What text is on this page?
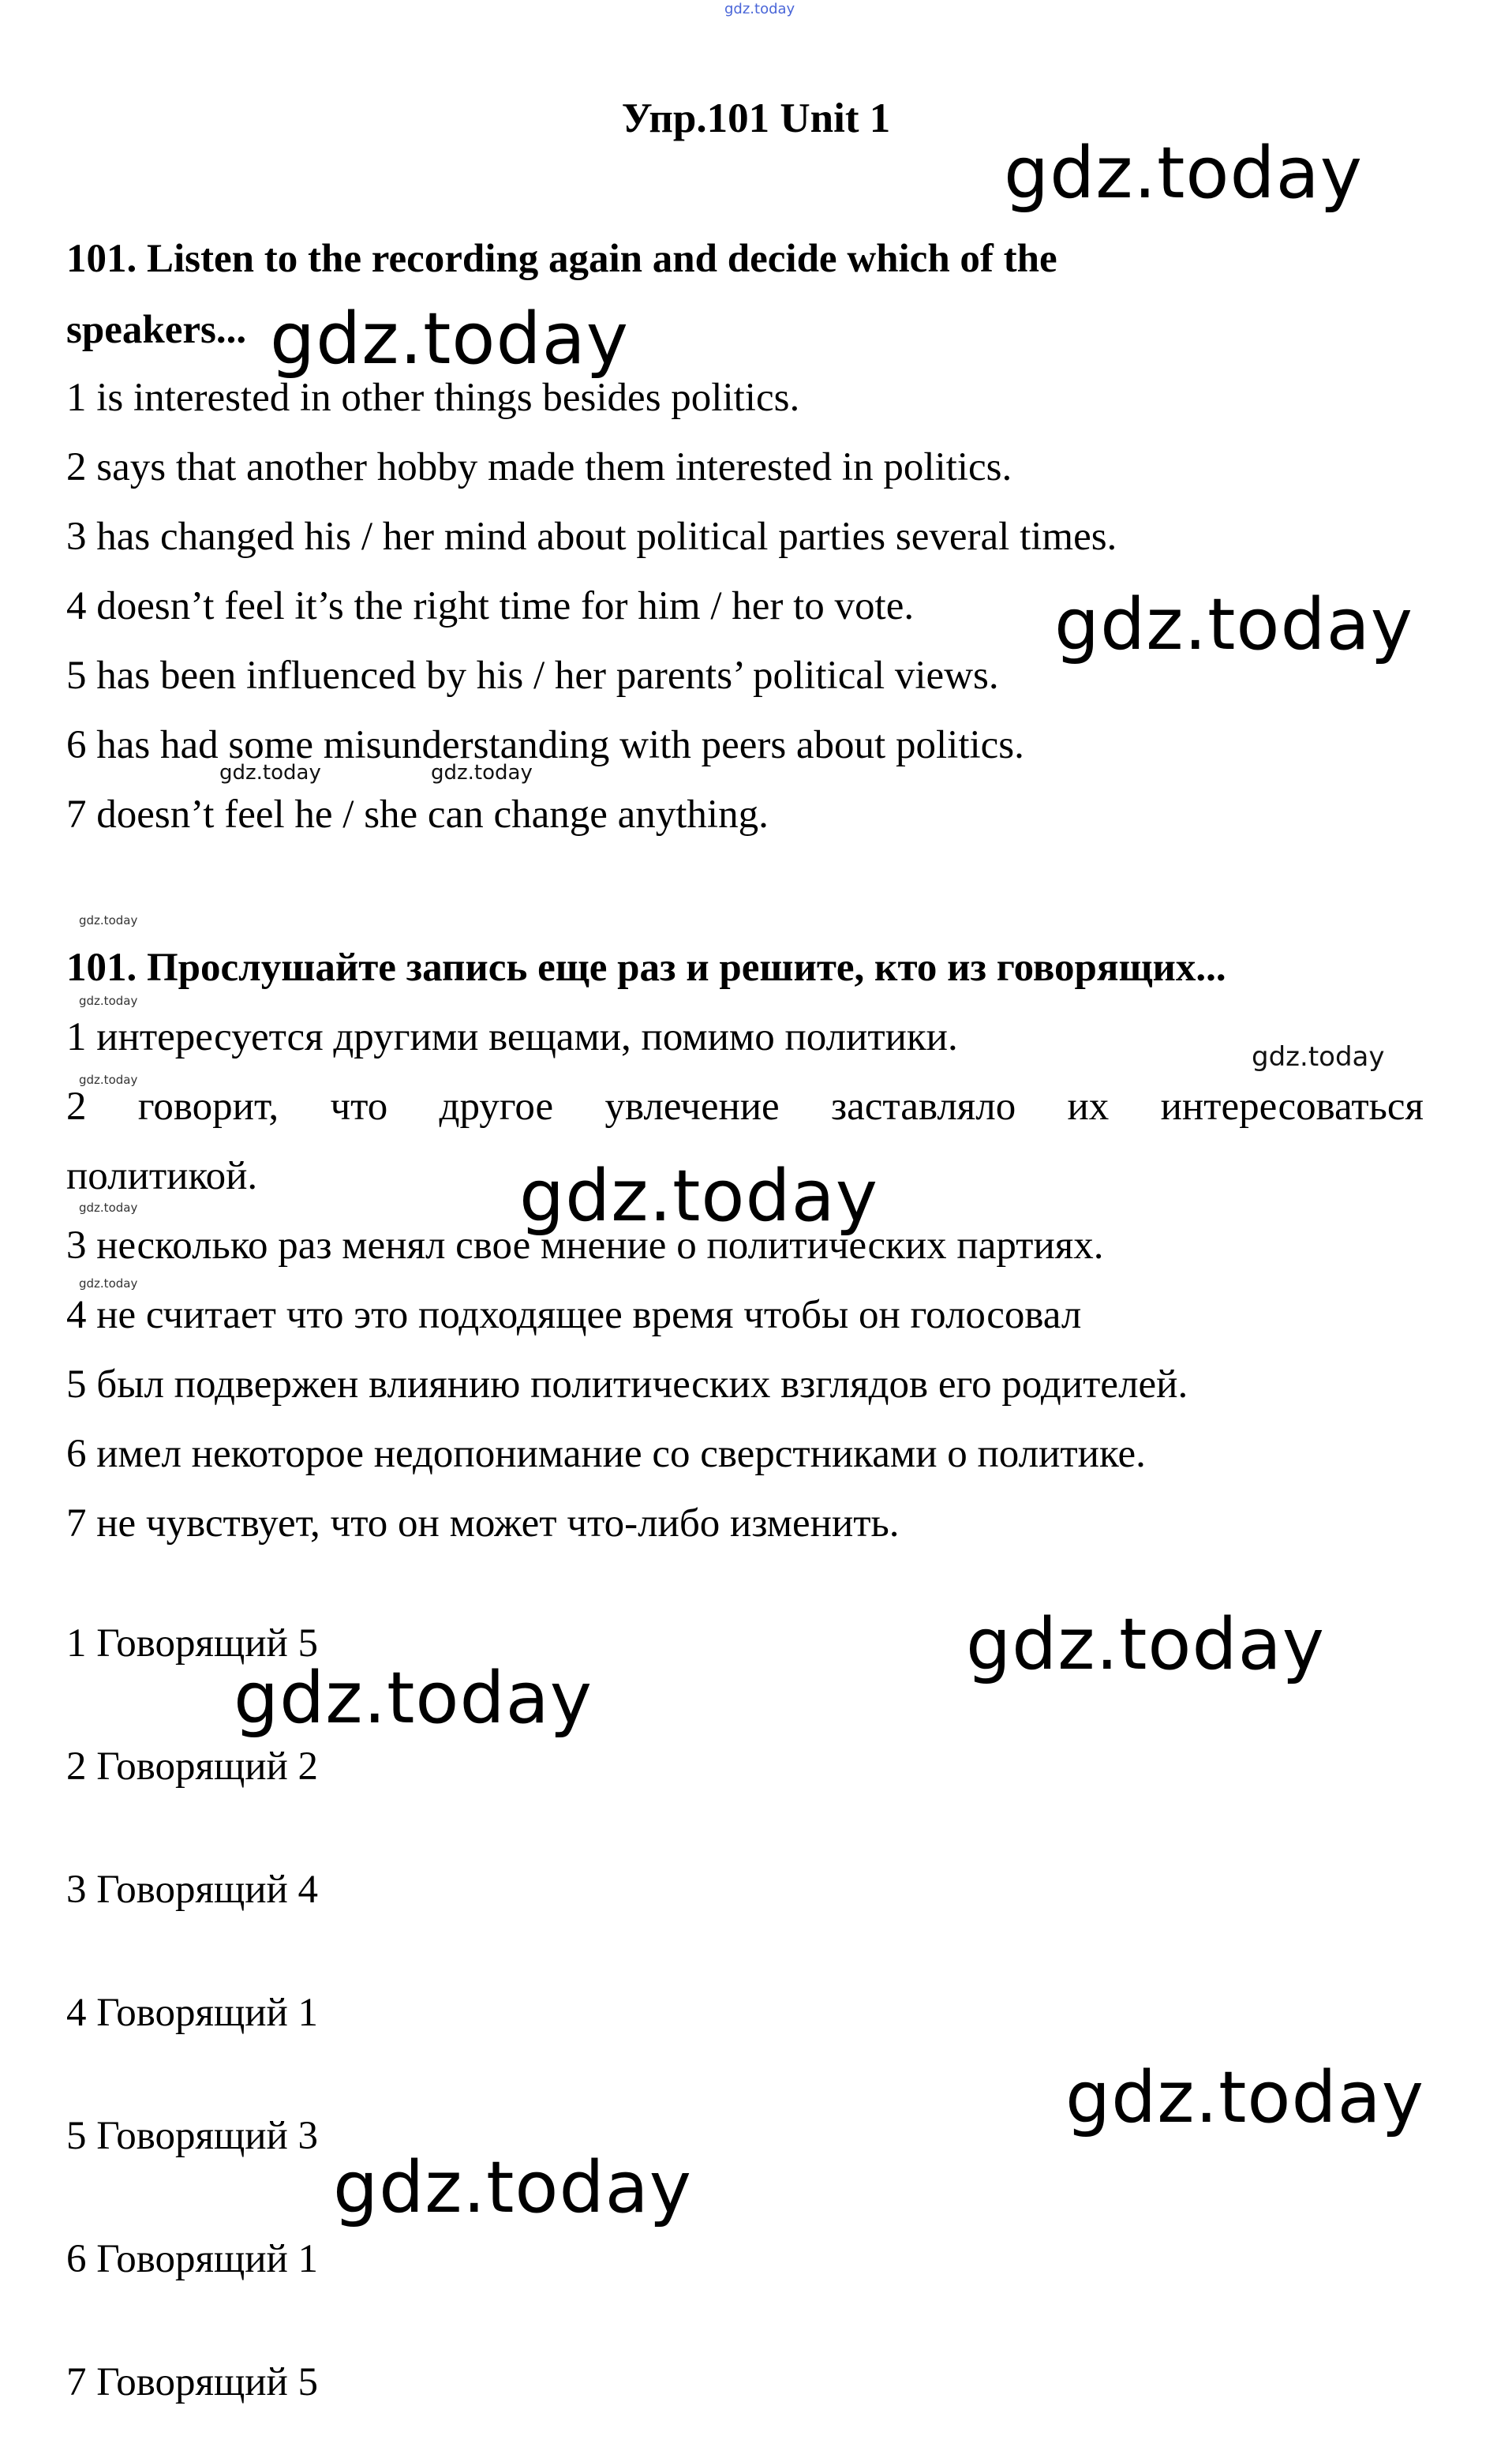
gdz.today
Упр.101 Unit 1
101. Listen to the recording again and decide which of the
speakers...
1 is interested in other things besides politics.
2 says that another hobby made them interested in politics.
3 has changed his / her mind about political parties several times.
4 doesn’t feel it’s the right time for him / her to vote.
5 has been influenced by his / her parents’ political views.
6 has had some misunderstanding with peers about politics.
7 doesn’t feel he / she can change anything.
101. Прослушайте запись еще раз и решите, кто из говорящих...
1 интересуется другими вещами, помимо политики.
2 говорит, что другое увлечение заставляло их интересоваться
политикой.
3 несколько раз менял свое мнение о политических партиях.
4 не считает что это подходящее время чтобы он голосовал
5 был подвержен влиянию политических взглядов его родителей.
6 имел некоторое недопонимание со сверстниками о политике.
7 не чувствует, что он может что-либо изменить.
1 Говорящий 5
2 Говорящий 2
3 Говорящий 4
4 Говорящий 1
5 Говорящий 3
6 Говорящий 1
7 Говорящий 5
gdz.today
gdz.today
gdz.today
gdz.today
gdz.today
gdz.today
gdz.today
gdz.today
gdz.today	gdz.today
gdz.today
gdz.today
gdz.today
gdz.today
gdz.today
gdz.today
